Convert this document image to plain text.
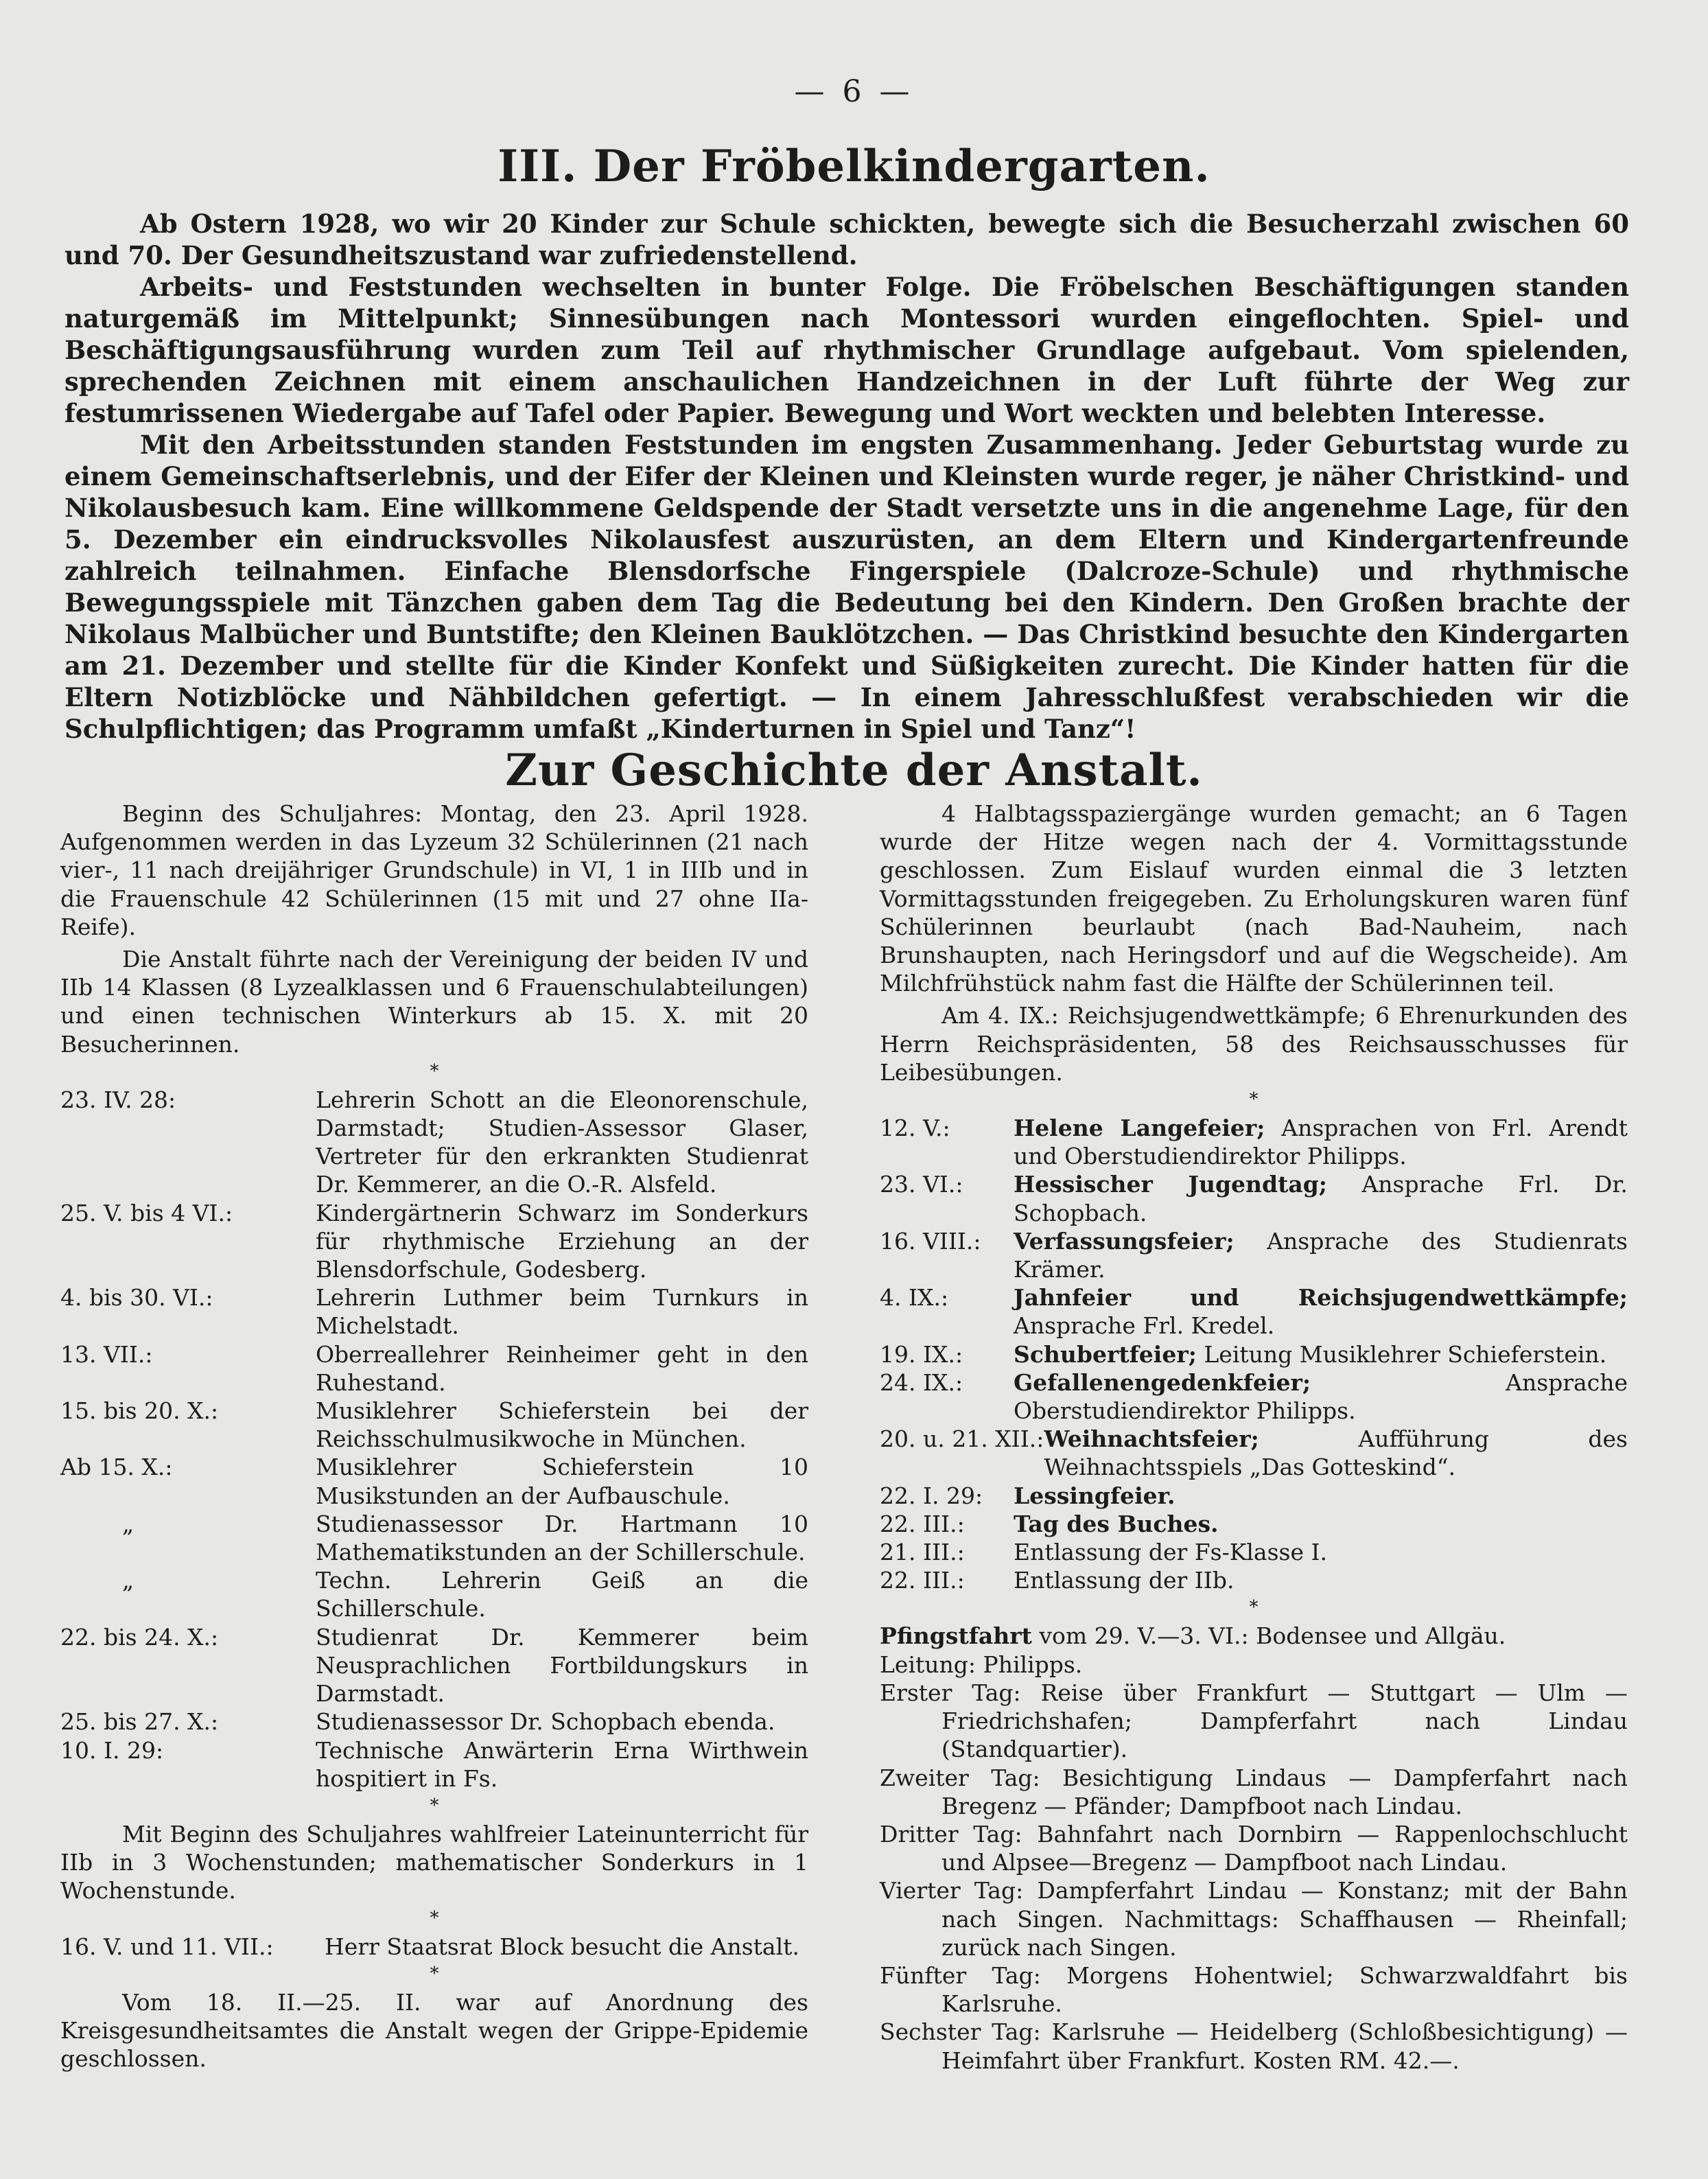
— 6 —
III. Der Fröbelkindergarten.

Ab Ostern 1928, wo wir 20 Kinder zur Schule schickten, bewegte sich die Besucherzahl zwischen 60 und 70. Der Gesundheitszustand war zufriedenstellend.

Arbeits- und Feststunden wechselten in bunter Folge. Die Fröbelschen Beschäftigungen standen naturgemäß im Mittelpunkt; Sinnesübungen nach Montessori wurden eingeflochten. Spiel- und Beschäftigungsausführung wurden zum Teil auf rhythmischer Grundlage aufgebaut. Vom spielenden, sprechenden Zeichnen mit einem anschaulichen Handzeichnen in der Luft führte der Weg zur festumrissenen Wiedergabe auf Tafel oder Papier. Bewegung und Wort weckten und belebten Interesse.

Mit den Arbeitsstunden standen Feststunden im engsten Zusammenhang. Jeder Geburtstag wurde zu einem Gemeinschaftserlebnis, und der Eifer der Kleinen und Kleinsten wurde reger, je näher Christkind- und Nikolausbesuch kam. Eine willkommene Geldspende der Stadt versetzte uns in die angenehme Lage, für den 5. Dezember ein eindrucksvolles Nikolausfest auszurüsten, an dem Eltern und Kindergartenfreunde zahlreich teilnahmen. Einfache Blensdorfsche Fingerspiele (Dalcroze-Schule) und rhythmische Bewegungsspiele mit Tänzchen gaben dem Tag die Bedeutung bei den Kindern. Den Großen brachte der Nikolaus Malbücher und Buntstifte; den Kleinen Bauklötzchen. — Das Christkind besuchte den Kindergarten am 21. Dezember und stellte für die Kinder Konfekt und Süßigkeiten zurecht. Die Kinder hatten für die Eltern Notizblöcke und Nähbildchen gefertigt. — In einem Jahresschlußfest verabschieden wir die Schulpflichtigen; das Programm umfaßt „Kinderturnen in Spiel und Tanz“!

Zur Geschichte der Anstalt.

Beginn des Schuljahres: Montag, den 23. April 1928. Aufgenommen werden in das Lyzeum 32 Schülerinnen (21 nach vier-, 11 nach dreijähriger Grundschule) in VI, 1 in IIIb und in die Frauenschule 42 Schülerinnen (15 mit und 27 ohne IIa-Reife).

Die Anstalt führte nach der Vereinigung der beiden IV und IIb 14 Klassen (8 Lyzealklassen und 6 Frauenschulabteilungen) und einen technischen Winterkurs ab 15. X. mit 20 Besucherinnen.

*
23. IV. 28:	Lehrerin Schott an die Eleonorenschule, Darmstadt; Studien-Assessor Glaser, Vertreter für den erkrankten Studienrat Dr. Kemmerer, an die O.-R. Alsfeld.
25. V. bis 4 VI.:	Kindergärtnerin Schwarz im Sonderkurs für rhythmische Erziehung an der Blensdorfschule, Godesberg.
4. bis 30. VI.:	Lehrerin Luthmer beim Turnkurs in Michelstadt.
13. VII.:	Oberreallehrer Reinheimer geht in den Ruhestand.
15. bis 20. X.:	Musiklehrer Schieferstein bei der Reichsschulmusikwoche in München.
Ab 15. X.:	Musiklehrer Schieferstein 10 Musikstunden an der Aufbauschule.
„	Studienassessor Dr. Hartmann 10 Mathematikstunden an der Schillerschule.
„	Techn. Lehrerin Geiß an die Schillerschule.
22. bis 24. X.:	Studienrat Dr. Kemmerer beim Neusprachlichen Fortbildungskurs in Darmstadt.
25. bis 27. X.:	Studienassessor Dr. Schopbach ebenda.
10. I. 29:	Technische Anwärterin Erna Wirthwein hospitiert in Fs.
*

Mit Beginn des Schuljahres wahlfreier Lateinunterricht für IIb in 3 Wochenstunden; mathematischer Sonderkurs in 1 Wochenstunde.

*
16. V. und 11. VII.:	Herr Staatsrat Block besucht die Anstalt.
*

Vom 18. II.—25. II. war auf Anordnung des Kreisgesundheitsamtes die Anstalt wegen der Grippe-Epidemie geschlossen.

4 Halbtagsspaziergänge wurden gemacht; an 6 Tagen wurde der Hitze wegen nach der 4. Vormittagsstunde geschlossen. Zum Eislauf wurden einmal die 3 letzten Vormittagsstunden freigegeben. Zu Erholungskuren waren fünf Schülerinnen beurlaubt (nach Bad-Nauheim, nach Brunshaupten, nach Heringsdorf und auf die Wegscheide). Am Milchfrühstück nahm fast die Hälfte der Schülerinnen teil.

Am 4. IX.: Reichsjugendwettkämpfe; 6 Ehrenurkunden des Herrn Reichspräsidenten, 58 des Reichsausschusses für Leibesübungen.

*
12. V.:	Helene Langefeier; Ansprachen von Frl. Arendt und Oberstudiendirektor Philipps.
23. VI.:	Hessischer Jugendtag; Ansprache Frl. Dr. Schopbach.
16. VIII.:	Verfassungsfeier; Ansprache des Studienrats Krämer.
4. IX.:	Jahnfeier und Reichsjugendwettkämpfe; Ansprache Frl. Kredel.
19. IX.:	Schubertfeier; Leitung Musiklehrer Schieferstein.
24. IX.:	Gefallenengedenkfeier; Ansprache Oberstudiendirektor Philipps.
20. u. 21. XII.: Weihnachtsfeier; Aufführung des Weihnachtsspiels „Das Gotteskind“.
22. I. 29:	Lessingfeier.
22. III.:	Tag des Buches.
21. III.:	Entlassung der Fs-Klasse I.
22. III.:	Entlassung der IIb.
*

Pfingstfahrt vom 29. V.—3. VI.: Bodensee und Allgäu.

Leitung: Philipps.

Erster Tag: Reise über Frankfurt — Stuttgart — Ulm — Friedrichshafen; Dampferfahrt nach Lindau (Standquartier).

Zweiter Tag: Besichtigung Lindaus — Dampferfahrt nach Bregenz — Pfänder; Dampfboot nach Lindau.

Dritter Tag: Bahnfahrt nach Dornbirn — Rappenlochschlucht und Alpsee—Bregenz — Dampfboot nach Lindau.

Vierter Tag: Dampferfahrt Lindau — Konstanz; mit der Bahn nach Singen. Nachmittags: Schaffhausen — Rheinfall; zurück nach Singen.

Fünfter Tag: Morgens Hohentwiel; Schwarzwaldfahrt bis Karlsruhe.

Sechster Tag: Karlsruhe — Heidelberg (Schloßbesichtigung) — Heimfahrt über Frankfurt. Kosten RM. 42.—.
